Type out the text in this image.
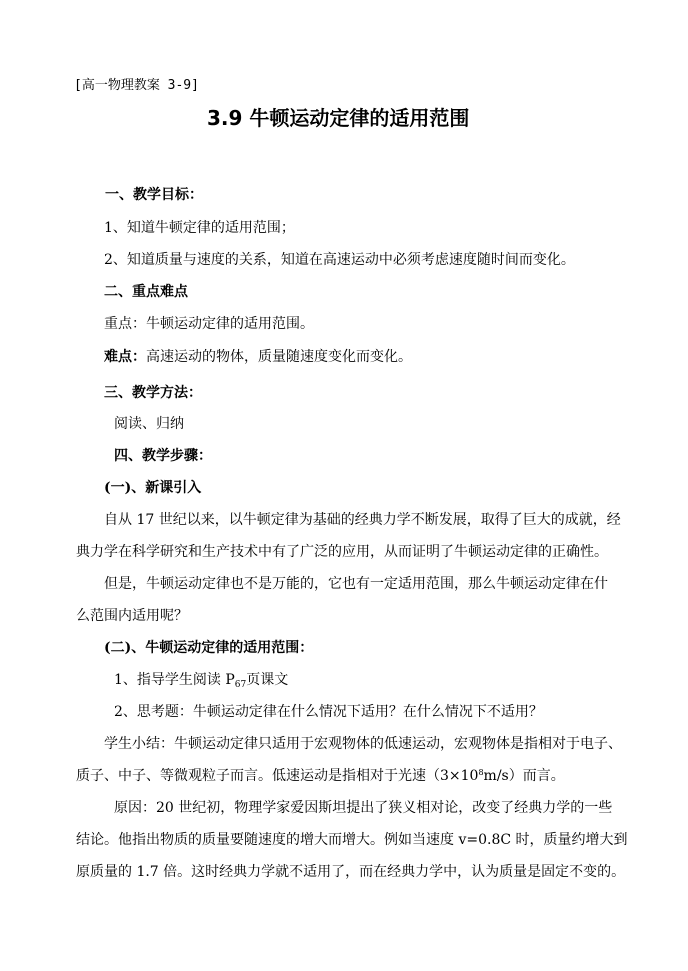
[高一物理教案 3-9]
3.9 牛顿运动定律的适用范围
一、教学目标：
1、知道牛顿定律的适用范围；
2、知道质量与速度的关系，知道在高速运动中必须考虑速度随时间而变化。
二、重点难点
重点：牛顿运动定律的适用范围。
难点：高速运动的物体，质量随速度变化而变化。
三、教学方法：
阅读、归纳
四、教学步骤：
(一)、新课引入
自从 17 世纪以来，以牛顿定律为基础的经典力学不断发展，取得了巨大的成就，经
典力学在科学研究和生产技术中有了广泛的应用，从而证明了牛顿运动定律的正确性。
但是，牛顿运动定律也不是万能的，它也有一定适用范围，那么牛顿运动定律在什
么范围内适用呢？
(二)、牛顿运动定律的适用范围：
1、指导学生阅读 $P_{67}$页课文
2、思考题：牛顿运动定律在什么情况下适用？在什么情况下不适用？
学生小结：牛顿运动定律只适用于宏观物体的低速运动，宏观物体是指相对于电子、
质子、中子、等微观粒子而言。低速运动是指相对于光速$(3\times 10^8m/s)$而言。
原因：20 世纪初，物理学家爱因斯坦提出了狭义相对论，改变了经典力学的一些
结论。他指出物质的质量要随速度的增大而增大。例如当速度 v=0.8C 时，质量约增大到
原质量的 1.7 倍。这时经典力学就不适用了，而在经典力学中，认为质量是固定不变的。
